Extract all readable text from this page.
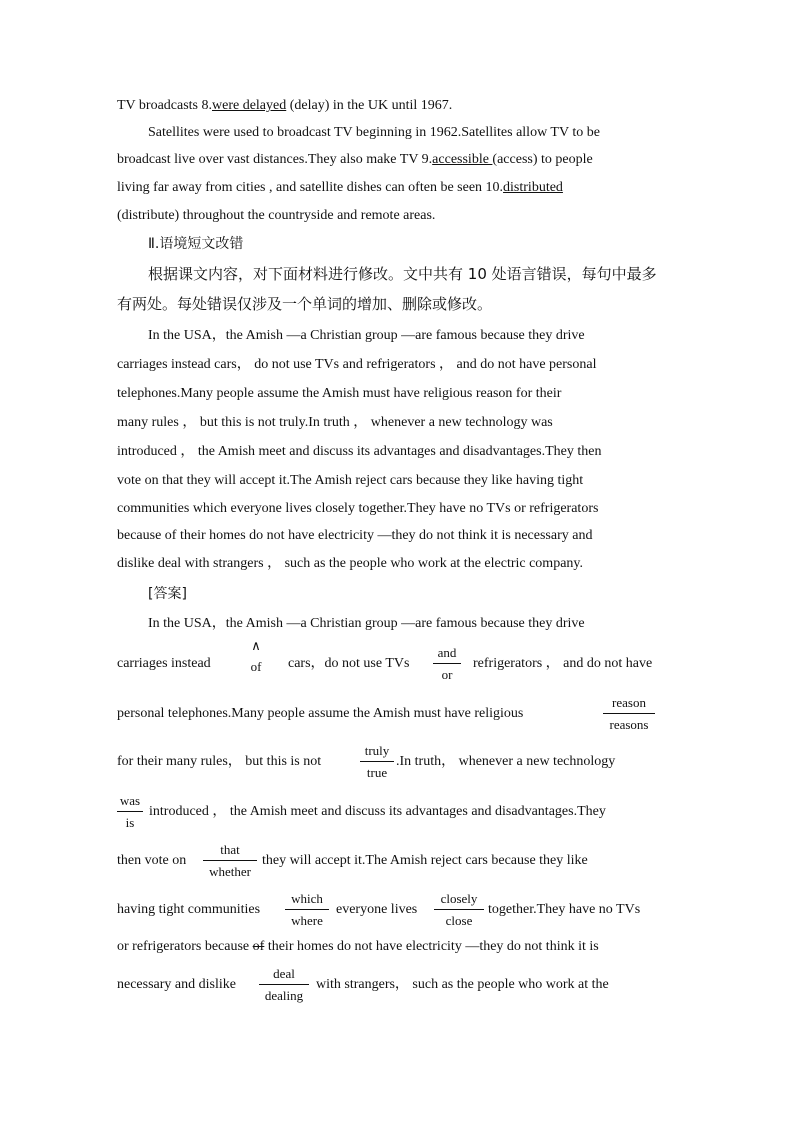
TV broadcasts 8.were delayed (delay) in the UK until 1967.
Satellites were used to broadcast TV beginning in 1962.Satellites allow TV to be
broadcast live over vast distances.They also make TV 9.accessible (access) to people
living far away from cities , and satellite dishes can often be seen 10.distributed
(distribute) throughout the countryside and remote areas.
Ⅱ.语境短文改错
根据课文内容，对下面材料进行修改。文中共有 10 处语言错误，每句中最多
有两处。每处错误仅涉及一个单词的增加、删除或修改。
In the USA，the Amish —a Christian group —are famous because they drive
carriages instead cars， do not use TVs and refrigerators ， and do not have personal
telephones.Many people assume the Amish must have religious reason for their
many rules ， but this is not truly.In truth ， whenever a new technology was
introduced ， the Amish meet and discuss its advantages and disadvantages.They then
vote on that they will accept it.The Amish reject cars because they like having tight
communities which everyone lives closely together.They have no TVs or refrigerators
because of their homes do not have electricity —they do not think it is necessary and
dislike deal with strangers ， such as the people who work at the electric company.
[答案]
In the USA，the Amish —a Christian group —are famous because they drive
carriages instead
∧
of	cars，do not use TVs
and
or
refrigerators ， and do not have
personal telephones.Many people assume the Amish must have religious
reason
reasons
for their many rules， but this is not
truly
true
.In truth， whenever a new technology
was
is
introduced ， the Amish meet and discuss its advantages and disadvantages.They
then vote on
that
whether
they will accept it.The Amish reject cars because they like
having tight communities
which
where
everyone lives
closely
close
together.They have no TVs
or refrigerators because of their homes do not have electricity —they do not think it is
necessary and dislike
deal
dealing
with strangers， such as the people who work at the
